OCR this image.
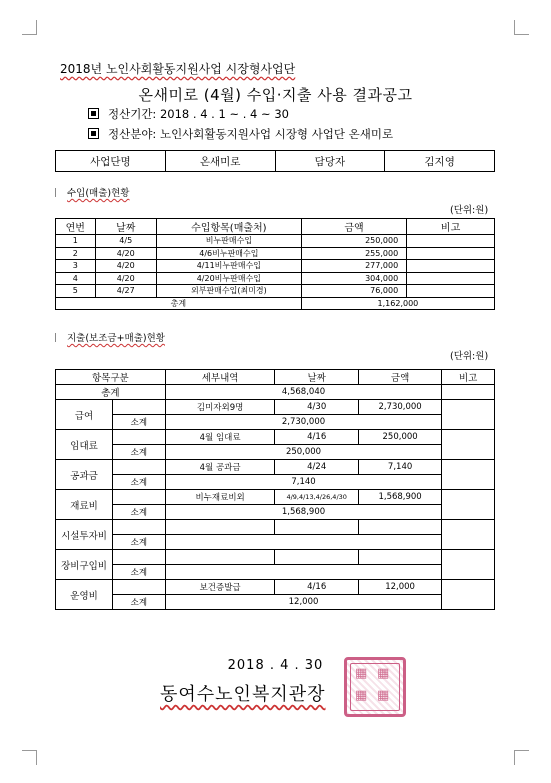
2018년 노인사회활동지원사업 시장형사업단
온새미로 (4월) 수입·지출 사용 결과공고
정산기간: 2018 . 4 . 1 ~ . 4 ~ 30
정산분야: 노인사회활동지원사업 시장형 사업단 온새미로
사업단명	온새미로	담당자	김지영
수입(매출)현황
(단위:원)
연번	날짜	수입항목(매출처)	금액	비고
1	4/5	비누판매수입	250,000	
2	4/20	4/6비누판매수입	255,000	
3	4/20	4/11비누판매수입	277,000	
4	4/20	4/20비누판매수입	304,000	
5	4/27	외부판매수입(최미경)	76,000	
총계			1,162,000	
지출(보조금+매출)현황
(단위:원)
항목구분		세부내역	날짜	금액	비고
총계		4,568,040			
급여		김미자외9명	4/30	2,730,000	
	소계	2,730,000			
임대료		4월 임대료	4/16	250,000	
	소계	250,000			
공과금		4월 공과금	4/24	7,140	
	소계	7,140			
재료비		비누재료비외	4/9,4/13,4/26,4/30	1,568,900	
	소계	1,568,900			
시설투자비					
	소계				
장비구입비					
	소계				
운영비		보건증발급	4/16	12,000	
	소계	12,000			
2018 . 4 . 30
동여수노인복지관장
▦ ▦
▦ ▦
